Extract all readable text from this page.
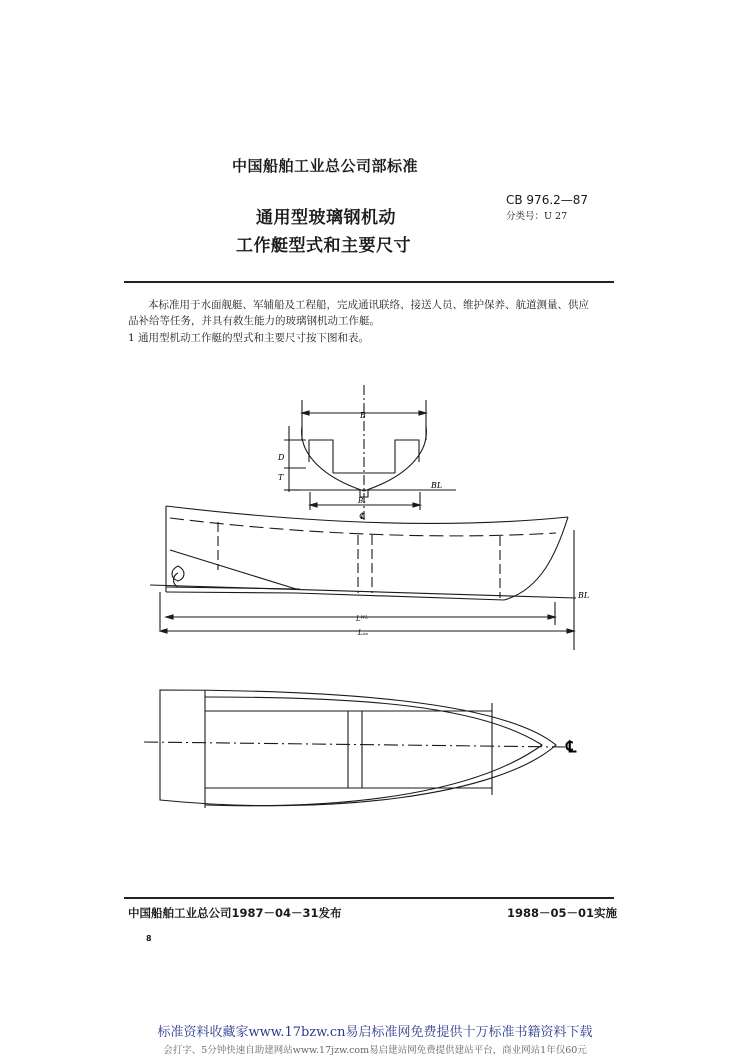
中国船舶工业总公司部标准
通用型玻璃钢机动
工作艇型式和主要尺寸
CB 976.2—87
分类号：U 27
本标准用于水面舰艇、军辅船及工程船，完成通讯联络、接送人员、维护保养、航道测量、供应
品补给等任务，并具有救生能力的玻璃钢机动工作艇。
1 通用型机动工作艇的型式和主要尺寸按下图和表。
B
D
T
BL
Bₓ
℄
BL
Lᵂᴸ
Lₒₐ
℄
中国船舶工业总公司1987－04－31发布	1988－05－01实施
8
标准资料收藏家www.17bzw.cn易启标准网免费提供十万标准书籍资料下载
会打字、5分钟快速自助建网站www.17jzw.com易启建站网免费提供建站平台，商业网站1年仅60元
